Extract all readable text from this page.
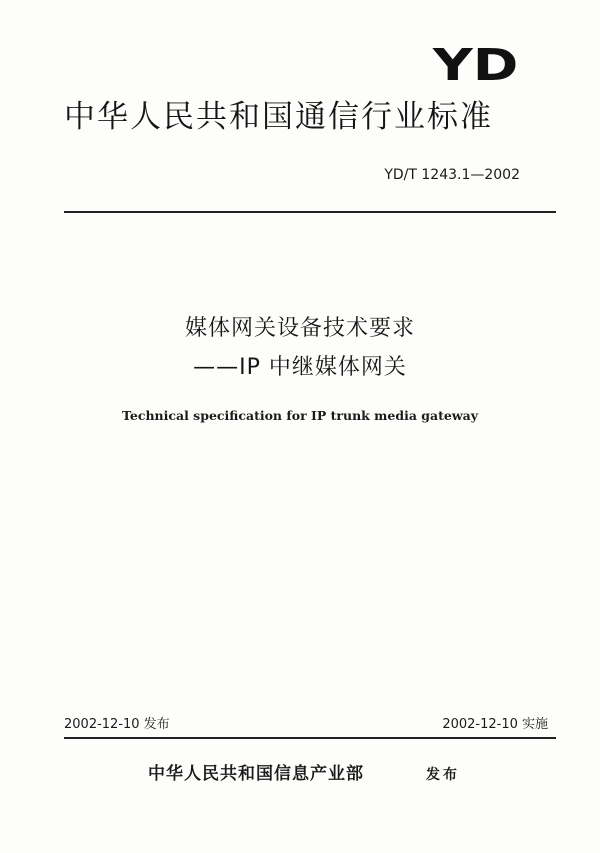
YD
中华人民共和国通信行业标准
YD/T 1243.1—2002
媒体网关设备技术要求
——IP 中继媒体网关
Technical specification for IP trunk media gateway
2002-12-10 发布	2002-12-10 实施
中华人民共和国信息产业部	发布
